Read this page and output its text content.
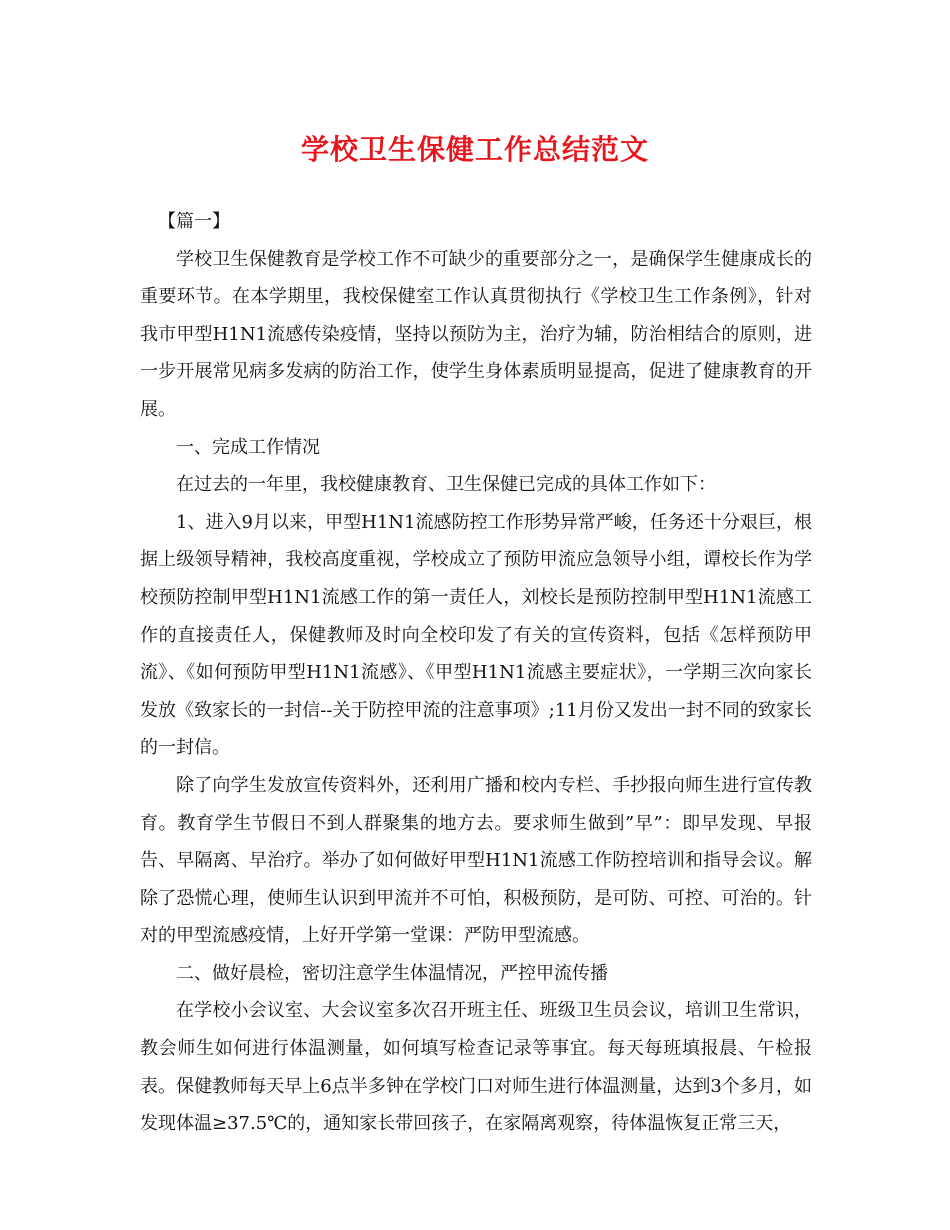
学校卫生保健工作总结范文

【篇一】

学校卫生保健教育是学校工作不可缺少的重要部分之一，是确保学生健康成长的重要环节。在本学期里，我校保健室工作认真贯彻执行《学校卫生工作条例》，针对我市甲型H1N1流感传染疫情，坚持以预防为主，治疗为辅，防治相结合的原则，进一步开展常见病多发病的防治工作，使学生身体素质明显提高，促进了健康教育的开展。

一、完成工作情况

在过去的一年里，我校健康教育、卫生保健已完成的具体工作如下：

1、进入9月以来，甲型H1N1流感防控工作形势异常严峻，任务还十分艰巨，根据上级领导精神，我校高度重视，学校成立了预防甲流应急领导小组，谭校长作为学校预防控制甲型H1N1流感工作的第一责任人，刘校长是预防控制甲型H1N1流感工作的直接责任人，保健教师及时向全校印发了有关的宣传资料，包括《怎样预防甲流》、《如何预防甲型H1N1流感》、《甲型H1N1流感主要症状》，一学期三次向家长发放《致家长的一封信--关于防控甲流的注意事项》;11月份又发出一封不同的致家长的一封信。

除了向学生发放宣传资料外，还利用广播和校内专栏、手抄报向师生进行宣传教育。教育学生节假日不到人群聚集的地方去。要求师生做到”早”：即早发现、早报告、早隔离、早治疗。举办了如何做好甲型H1N1流感工作防控培训和指导会议。解除了恐慌心理，使师生认识到甲流并不可怕，积极预防，是可防、可控、可治的。针对的甲型流感疫情，上好开学第一堂课：严防甲型流感。

二、做好晨检，密切注意学生体温情况，严控甲流传播

在学校小会议室、大会议室多次召开班主任、班级卫生员会议，培训卫生常识，教会师生如何进行体温测量，如何填写检查记录等事宜。每天每班填报晨、午检报表。保健教师每天早上6点半多钟在学校门口对师生进行体温测量，达到3个多月，如发现体温≥37.5℃的，通知家长带回孩子，在家隔离观察，待体温恢复正常三天，
